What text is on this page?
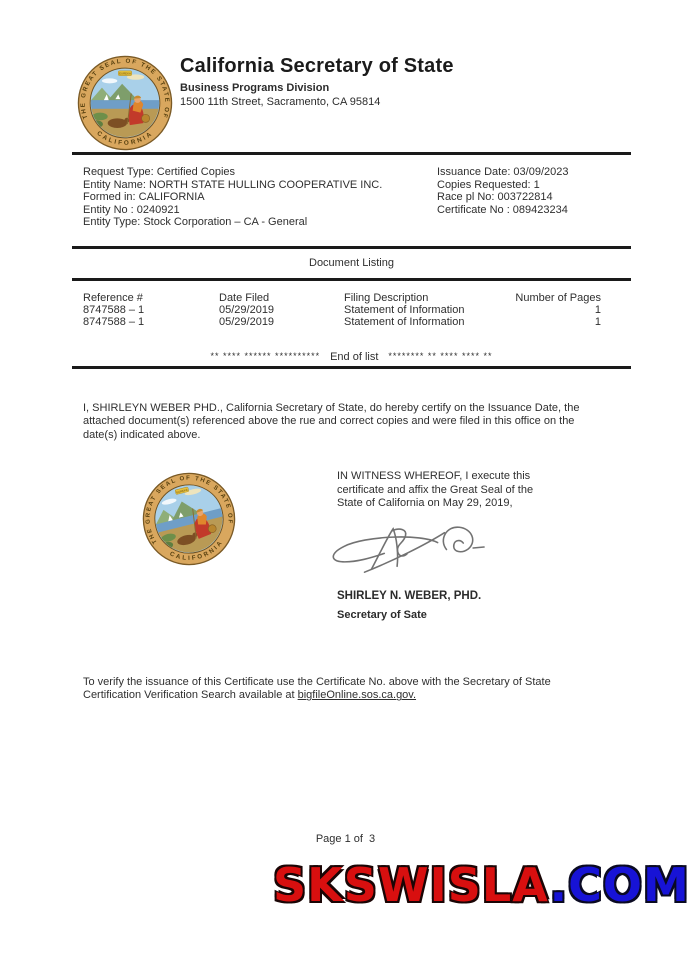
California Secretary of State
Business Programs Division
1500 11th Street, Sacramento, CA 95814
Request Type: Certified Copies
Entity Name: NORTH STATE HULLING COOPERATIVE INC.
Formed in: CALIFORNIA
Entity No : 0240921
Entity Type: Stock Corporation – CA - General
Issuance Date: 03/09/2023
Copies Requested: 1
Race pl No: 003722814
Certificate No : 089423234
Document Listing
Reference #	Date Filed	Filing Description	Number of Pages
8747588 – 1	05/29/2019	Statement of Information	1
8747588 – 1	05/29/2019	Statement of Information	1
** **** ****** ********** End of list ******** ** **** **** **
I, SHIRLEYN WEBER PHD., California Secretary of State, do hereby certify on the Issuance Date, the attached document(s) referenced above the rue and correct copies and were filed in this office on the date(s) indicated above.
IN WITNESS WHEREOF, I execute this
certificate and affix the Great Seal of the
State of California on May 29, 2019,
SHIRLEY N. WEBER, PHD.
Secretary of Sate
To verify the issuance of this Certificate use the Certificate No. above with the Secretary of State Certification Verification Search available at bigfileOnline.sos.ca.gov.
Page 1 of  3
SKSWISLA.COM
